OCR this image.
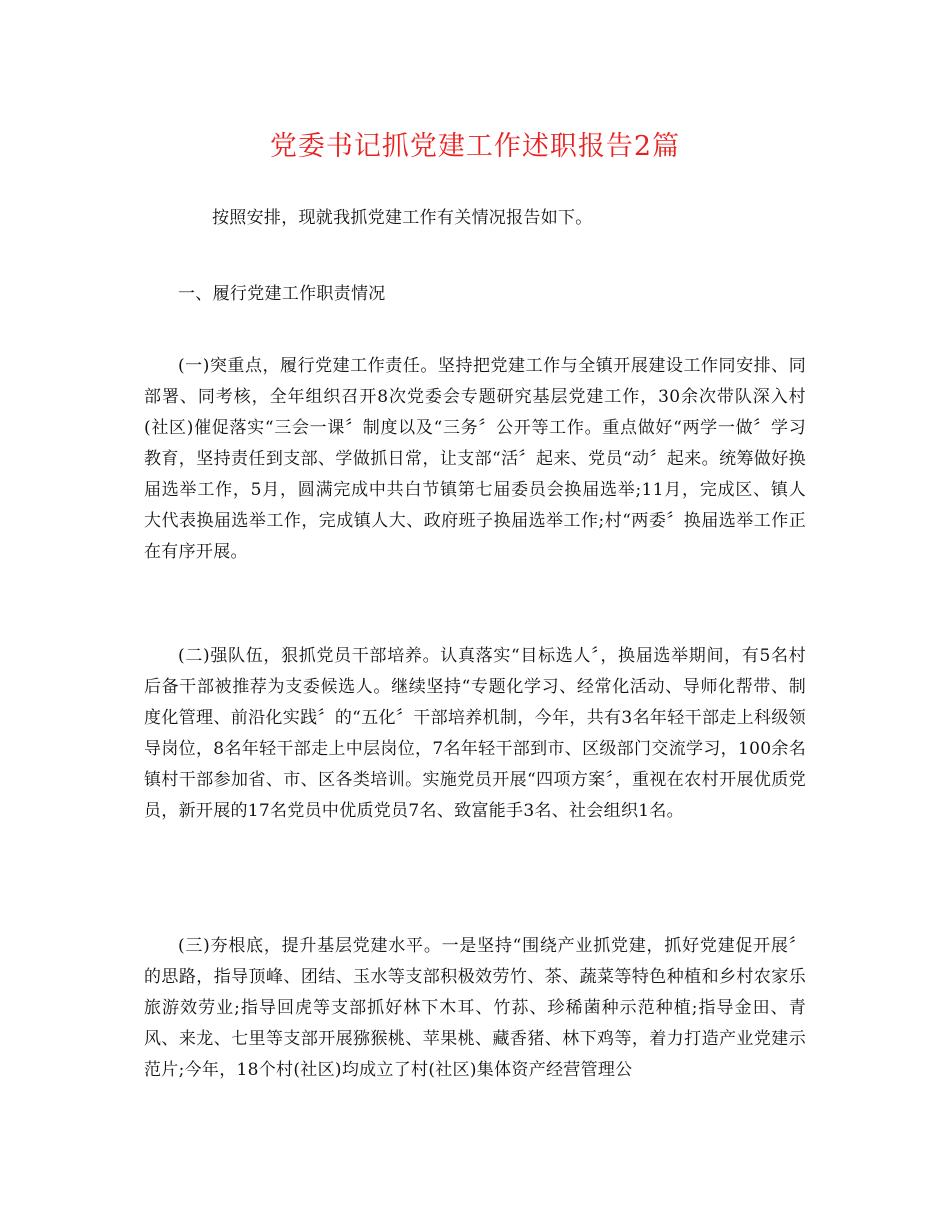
党委书记抓党建工作述职报告2篇

按照安排，现就我抓党建工作有关情况报告如下。

一、履行党建工作职责情况

(一)突重点，履行党建工作责任。坚持把党建工作与全镇开展建设工作同安排、同部署、同考核，全年组织召开8次党委会专题研究基层党建工作，30余次带队深入村(社区)催促落实“三会一课〞制度以及“三务〞公开等工作。重点做好“两学一做〞学习教育，坚持责任到支部、学做抓日常，让支部“活〞起来、党员“动〞起来。统筹做好换届选举工作，5月，圆满完成中共白节镇第七届委员会换届选举;11月，完成区、镇人大代表换届选举工作，完成镇人大、政府班子换届选举工作;村“两委〞换届选举工作正在有序开展。

(二)强队伍，狠抓党员干部培养。认真落实“目标选人〞，换届选举期间，有5名村后备干部被推荐为支委候选人。继续坚持“专题化学习、经常化活动、导师化帮带、制度化管理、前沿化实践〞的“五化〞干部培养机制，今年，共有3名年轻干部走上科级领导岗位，8名年轻干部走上中层岗位，7名年轻干部到市、区级部门交流学习，100余名镇村干部参加省、市、区各类培训。实施党员开展“四项方案〞，重视在农村开展优质党员，新开展的17名党员中优质党员7名、致富能手3名、社会组织1名。

(三)夯根底，提升基层党建水平。一是坚持“围绕产业抓党建，抓好党建促开展〞的思路，指导顶峰、团结、玉水等支部积极效劳竹、茶、蔬菜等特色种植和乡村农家乐旅游效劳业;指导回虎等支部抓好林下木耳、竹荪、珍稀菌种示范种植;指导金田、青风、来龙、七里等支部开展猕猴桃、苹果桃、藏香猪、林下鸡等，着力打造产业党建示范片;今年，18个村(社区)均成立了村(社区)集体资产经营管理公
